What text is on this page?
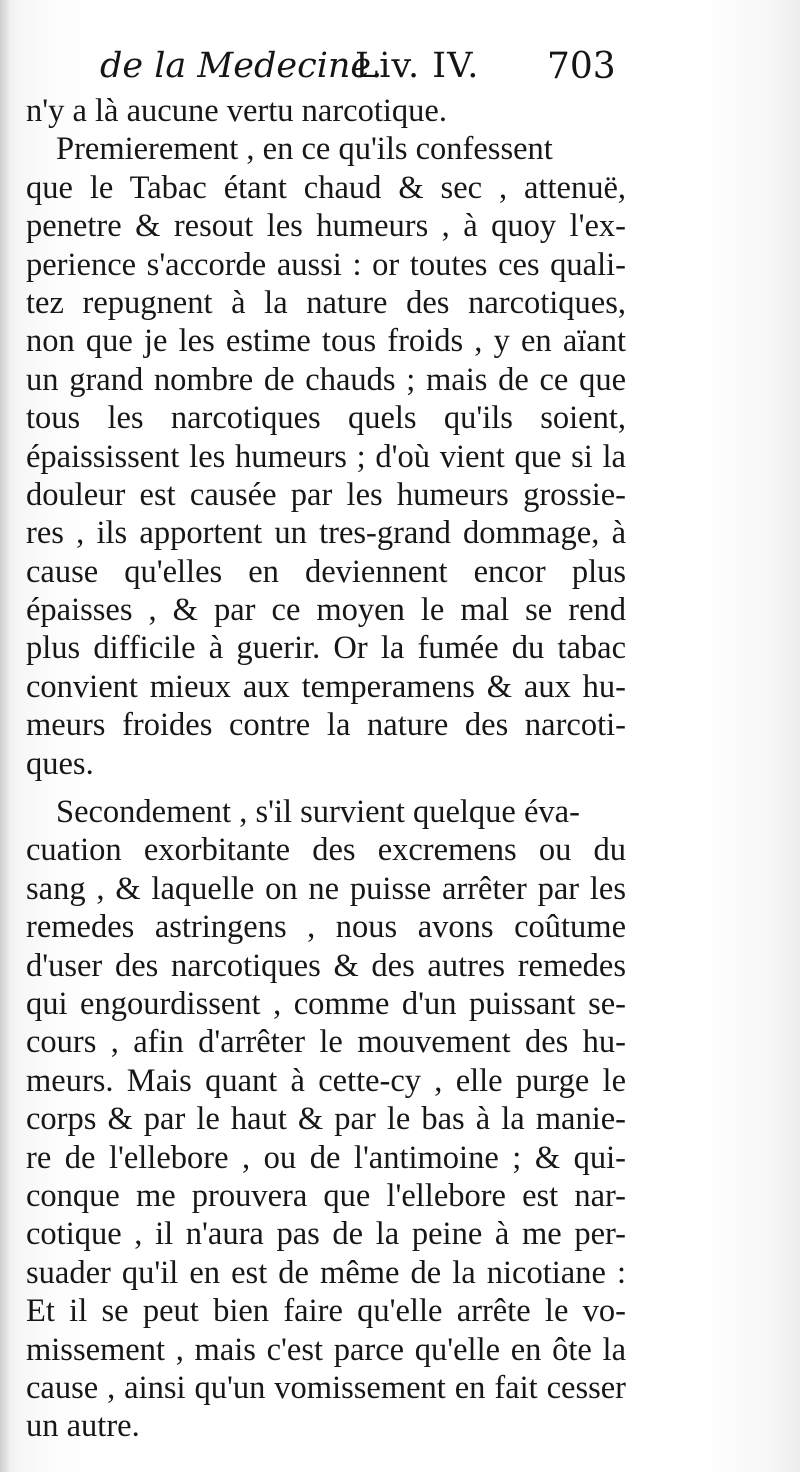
de la Medecine.
Liv. IV. 703
n'y a là aucune vertu narcotique.
Premierement , en ce qu'ils confessent
que le Tabac étant chaud & sec , attenuë,
penetre & resout les humeurs , à quoy l'ex-
perience s'accorde aussi : or toutes ces quali-
tez repugnent à la nature des narcotiques,
non que je les estime tous froids , y en aïant
un grand nombre de chauds ; mais de ce que
tous les narcotiques quels qu'ils soient,
épaississent les humeurs ; d'où vient que si la
douleur est causée par les humeurs grossie-
res , ils apportent un tres-grand dommage, à
cause qu'elles en deviennent encor plus
épaisses , & par ce moyen le mal se rend
plus difficile à guerir. Or la fumée du tabac
convient mieux aux temperamens & aux hu-
meurs froides contre la nature des narcoti-
ques.
Secondement , s'il survient quelque éva-
cuation exorbitante des excremens ou du
sang , & laquelle on ne puisse arrêter par les
remedes astringens , nous avons coûtume
d'user des narcotiques & des autres remedes
qui engourdissent , comme d'un puissant se-
cours , afin d'arrêter le mouvement des hu-
meurs. Mais quant à cette-cy , elle purge le
corps & par le haut & par le bas à la manie-
re de l'ellebore , ou de l'antimoine ; & qui-
conque me prouvera que l'ellebore est nar-
cotique , il n'aura pas de la peine à me per-
suader qu'il en est de même de la nicotiane :
Et il se peut bien faire qu'elle arrête le vo-
missement , mais c'est parce qu'elle en ôte la
cause , ainsi qu'un vomissement en fait cesser
un autre.
